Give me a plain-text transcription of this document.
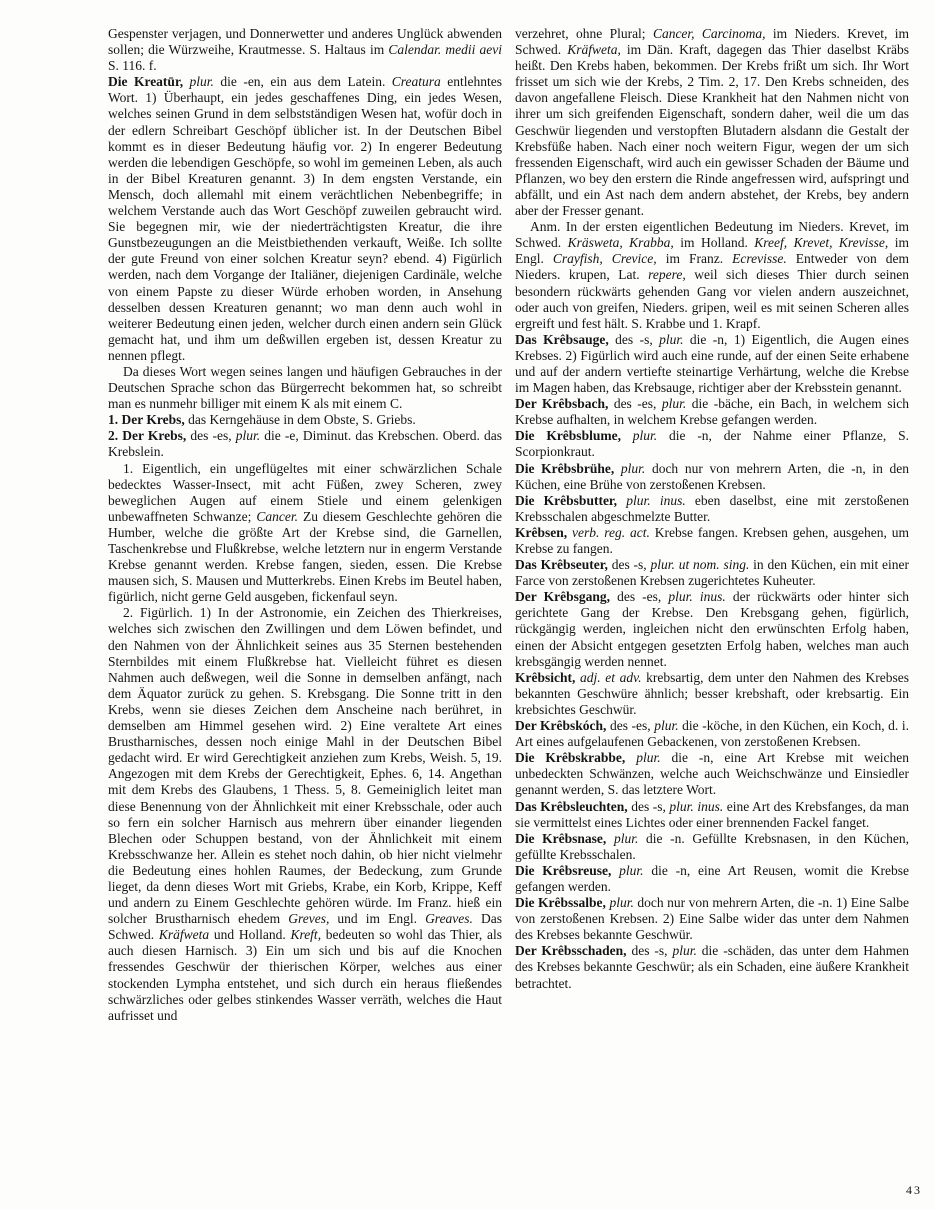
Gespenster verjagen, und Donnerwetter und anderes Unglück abwenden sollen; die Würzweihe, Krautmesse. S. Haltaus im Calendar. medii aevi S. 116. f.

Die Kreatūr, plur. die -en, ein aus dem Latein. Creatura entlehntes Wort. 1) Überhaupt, ein jedes geschaffenes Ding, ein jedes Wesen, welches seinen Grund in dem selbstständigen Wesen hat, wofür doch in der edlern Schreibart Geschöpf üblicher ist. In der Deutschen Bibel kommt es in dieser Bedeutung häufig vor. 2) In engerer Bedeutung werden die lebendigen Geschöpfe, so wohl im gemeinen Leben, als auch in der Bibel Kreaturen genannt. 3) In dem engsten Verstande, ein Mensch, doch allemahl mit einem verächtlichen Nebenbegriffe; in welchem Verstande auch das Wort Geschöpf zuweilen gebraucht wird. Sie begegnen mir, wie der niederträchtigsten Kreatur, die ihre Gunstbezeugungen an die Meistbiethenden verkauft, Weiße. Ich sollte der gute Freund von einer solchen Kreatur seyn? ebend. 4) Figürlich werden, nach dem Vorgange der Italiäner, diejenigen Cardinäle, welche von einem Papste zu dieser Würde erhoben worden, in Ansehung desselben dessen Kreaturen genannt; wo man denn auch wohl in weiterer Bedeutung einen jeden, welcher durch einen andern sein Glück gemacht hat, und ihm um deßwillen ergeben ist, dessen Kreatur zu nennen pflegt.

Da dieses Wort wegen seines langen und häufigen Gebrauches in der Deutschen Sprache schon das Bürgerrecht bekommen hat, so schreibt man es nunmehr billiger mit einem K als mit einem C.

1. Der Krebs, das Kerngehäuse in dem Obste, S. Griebs.

2. Der Krebs, des -es, plur. die -e, Diminut. das Krebschen. Oberd. das Krebslein.

1. Eigentlich, ein ungeflügeltes mit einer schwärzlichen Schale bedecktes Wasser-Insect, mit acht Füßen, zwey Scheren, zwey beweglichen Augen auf einem Stiele und einem gelenkigen unbewaffneten Schwanze; Cancer. Zu diesem Geschlechte gehören die Humber, welche die größte Art der Krebse sind, die Garnellen, Taschenkrebse und Flußkrebse, welche letztern nur in engerm Verstande Krebse genannt werden. Krebse fangen, sieden, essen. Die Krebse mausen sich, S. Mausen und Mutterkrebs. Einen Krebs im Beutel haben, figürlich, nicht gerne Geld ausgeben, fickenfaul seyn.

2. Figürlich. 1) In der Astronomie, ein Zeichen des Thierkreises, welches sich zwischen den Zwillingen und dem Löwen befindet, und den Nahmen von der Ähnlichkeit seines aus 35 Sternen bestehenden Sternbildes mit einem Flußkrebse hat. Vielleicht führet es diesen Nahmen auch deßwegen, weil die Sonne in demselben anfängt, nach dem Äquator zurück zu gehen. S. Krebsgang. Die Sonne tritt in den Krebs, wenn sie dieses Zeichen dem Anscheine nach berühret, in demselben am Himmel gesehen wird. 2) Eine veraltete Art eines Brustharnisches, dessen noch einige Mahl in der Deutschen Bibel gedacht wird. Er wird Gerechtigkeit anziehen zum Krebs, Weish. 5, 19. Angezogen mit dem Krebs der Gerechtigkeit, Ephes. 6, 14. Angethan mit dem Krebs des Glaubens, 1 Thess. 5, 8. Gemeiniglich leitet man diese Benennung von der Ähnlichkeit mit einer Krebsschale, oder auch so fern ein solcher Harnisch aus mehrern über einander liegenden Blechen oder Schuppen bestand, von der Ähnlichkeit mit einem Krebsschwanze her. Allein es stehet noch dahin, ob hier nicht vielmehr die Bedeutung eines hohlen Raumes, der Bedeckung, zum Grunde lieget, da denn dieses Wort mit Griebs, Krabe, ein Korb, Krippe, Keff und andern zu Einem Geschlechte gehören würde. Im Franz. hieß ein solcher Brustharnisch ehedem Greves, und im Engl. Greaves. Das Schwed. Kräfweta und Holland. Kreft, bedeuten so wohl das Thier, als auch diesen Harnisch. 3) Ein um sich und bis auf die Knochen fressendes Geschwür der thierischen Körper, welches aus einer stockenden Lympha entstehet, und sich durch ein heraus fließendes schwärzliches oder gelbes stinkendes Wasser verräth, welches die Haut aufrisset und

verzehret, ohne Plural; Cancer, Carcinoma, im Nieders. Krevet, im Schwed. Kräfweta, im Dän. Kraft, dagegen das Thier daselbst Kräbs heißt. Den Krebs haben, bekommen. Der Krebs frißt um sich. Ihr Wort frisset um sich wie der Krebs, 2 Tim. 2, 17. Den Krebs schneiden, des davon angefallene Fleisch. Diese Krankheit hat den Nahmen nicht von ihrer um sich greifenden Eigenschaft, sondern daher, weil die um das Geschwür liegenden und verstopften Blutadern alsdann die Gestalt der Krebsfüße haben. Nach einer noch weitern Figur, wegen der um sich fressenden Eigenschaft, wird auch ein gewisser Schaden der Bäume und Pflanzen, wo bey den erstern die Rinde angefressen wird, aufspringt und abfällt, und ein Ast nach dem andern abstehet, der Krebs, bey andern aber der Fresser genant.

Anm. In der ersten eigentlichen Bedeutung im Nieders. Krevet, im Schwed. Kräsweta, Krabba, im Holland. Kreef, Krevet, Krevisse, im Engl. Crayfish, Crevice, im Franz. Ecrevisse. Entweder von dem Nieders. krupen, Lat. repere, weil sich dieses Thier durch seinen besondern rückwärts gehenden Gang vor vielen andern auszeichnet, oder auch von greifen, Nieders. gripen, weil es mit seinen Scheren alles ergreift und fest hält. S. Krabbe und 1. Krapf.

Das Krêbsauge, des -s, plur. die -n, 1) Eigentlich, die Augen eines Krebses. 2) Figürlich wird auch eine runde, auf der einen Seite erhabene und auf der andern vertiefte steinartige Verhärtung, welche die Krebse im Magen haben, das Krebsauge, richtiger aber der Krebsstein genannt.

Der Krêbsbach, des -es, plur. die -bäche, ein Bach, in welchem sich Krebse aufhalten, in welchem Krebse gefangen werden.

Die Krêbsblume, plur. die -n, der Nahme einer Pflanze, S. Scorpionkraut.

Die Krêbsbrühe, plur. doch nur von mehrern Arten, die -n, in den Küchen, eine Brühe von zerstoßenen Krebsen.

Die Krêbsbutter, plur. inus. eben daselbst, eine mit zerstoßenen Krebsschalen abgeschmelzte Butter.

Krêbsen, verb. reg. act. Krebse fangen. Krebsen gehen, ausgehen, um Krebse zu fangen.

Das Krêbseuter, des -s, plur. ut nom. sing. in den Küchen, ein mit einer Farce von zerstoßenen Krebsen zugerichtetes Kuheuter.

Der Krêbsgang, des -es, plur. inus. der rückwärts oder hinter sich gerichtete Gang der Krebse. Den Krebsgang gehen, figürlich, rückgängig werden, ingleichen nicht den erwünschten Erfolg haben, einen der Absicht entgegen gesetzten Erfolg haben, welches man auch krebsgängig werden nennet.

Krêbsicht, adj. et adv. krebsartig, dem unter den Nahmen des Krebses bekannten Geschwüre ähnlich; besser krebshaft, oder krebsartig. Ein krebsichtes Geschwür.

Der Krêbskóch, des -es, plur. die -köche, in den Küchen, ein Koch, d. i. Art eines aufgelaufenen Gebackenen, von zerstoßenen Krebsen.

Die Krêbskrabbe, plur. die -n, eine Art Krebse mit weichen unbedeckten Schwänzen, welche auch Weichschwänze und Einsiedler genannt werden, S. das letztere Wort.

Das Krêbsleuchten, des -s, plur. inus. eine Art des Krebsfanges, da man sie vermittelst eines Lichtes oder einer brennenden Fackel fanget.

Die Krêbsnase, plur. die -n. Gefüllte Krebsnasen, in den Küchen, gefüllte Krebsschalen.

Die Krêbsreuse, plur. die -n, eine Art Reusen, womit die Krebse gefangen werden.

Die Krêbssalbe, plur. doch nur von mehrern Arten, die -n. 1) Eine Salbe von zerstoßenen Krebsen. 2) Eine Salbe wider das unter dem Nahmen des Krebses bekannte Geschwür.

Der Krêbsschaden, des -s, plur. die -schäden, das unter dem Hahmen des Krebses bekannte Geschwür; als ein Schaden, eine äußere Krankheit betrachtet.

43
